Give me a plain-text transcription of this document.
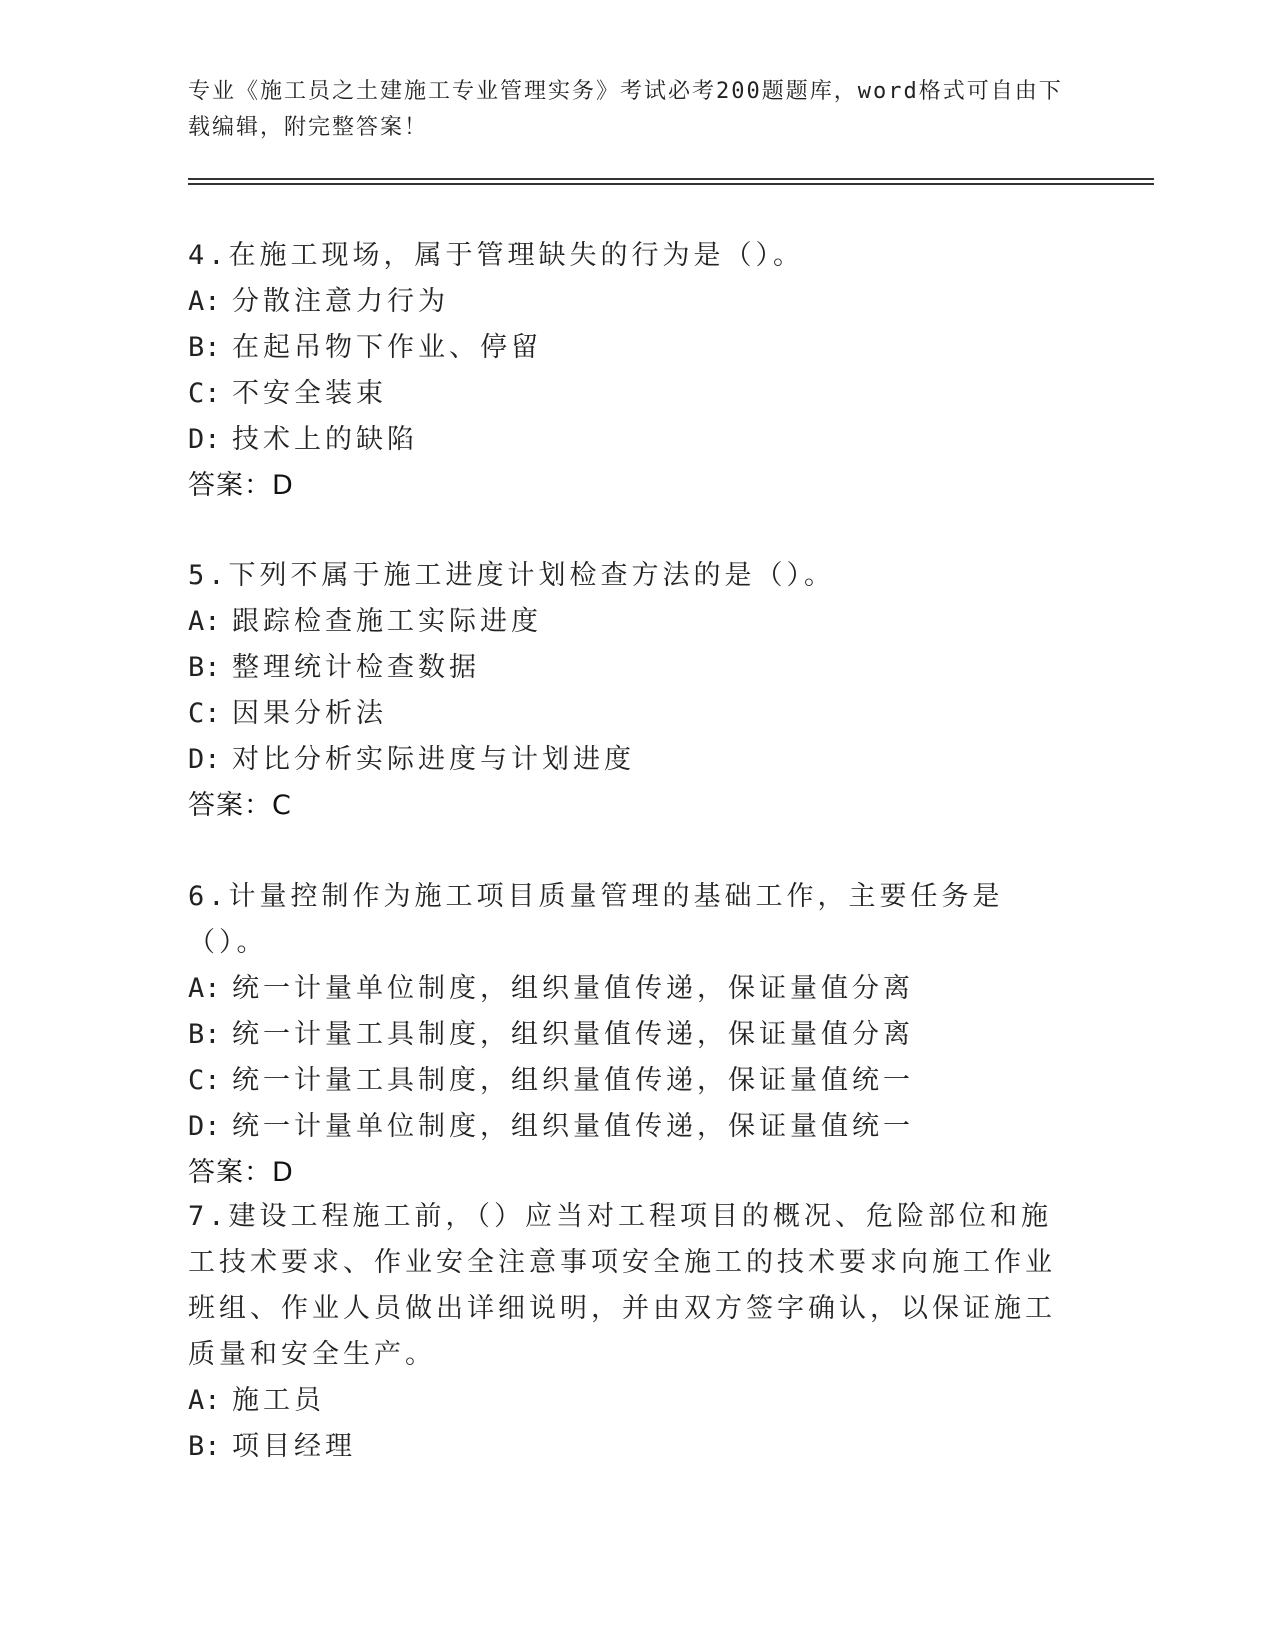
专业《施工员之土建施工专业管理实务》考试必考200题题库，word格式可自由下载编辑，附完整答案！

4.在施工现场，属于管理缺失的行为是（）。

A: 分散注意力行为
B: 在起吊物下作业、停留
C: 不安全装束
D: 技术上的缺陷
答案：D

5.下列不属于施工进度计划检查方法的是（）。

A: 跟踪检查施工实际进度
B: 整理统计检查数据
C: 因果分析法
D: 对比分析实际进度与计划进度
答案：C

6.计量控制作为施工项目质量管理的基础工作，主要任务是（）。

A: 统一计量单位制度，组织量值传递，保证量值分离
B: 统一计量工具制度，组织量值传递，保证量值分离
C: 统一计量工具制度，组织量值传递，保证量值统一
D: 统一计量单位制度，组织量值传递，保证量值统一
答案：D

7.建设工程施工前，（）应当对工程项目的概况、危险部位和施工技术要求、作业安全注意事项安全施工的技术要求向施工作业班组、作业人员做出详细说明，并由双方签字确认，以保证施工质量和安全生产。

A: 施工员
B: 项目经理
